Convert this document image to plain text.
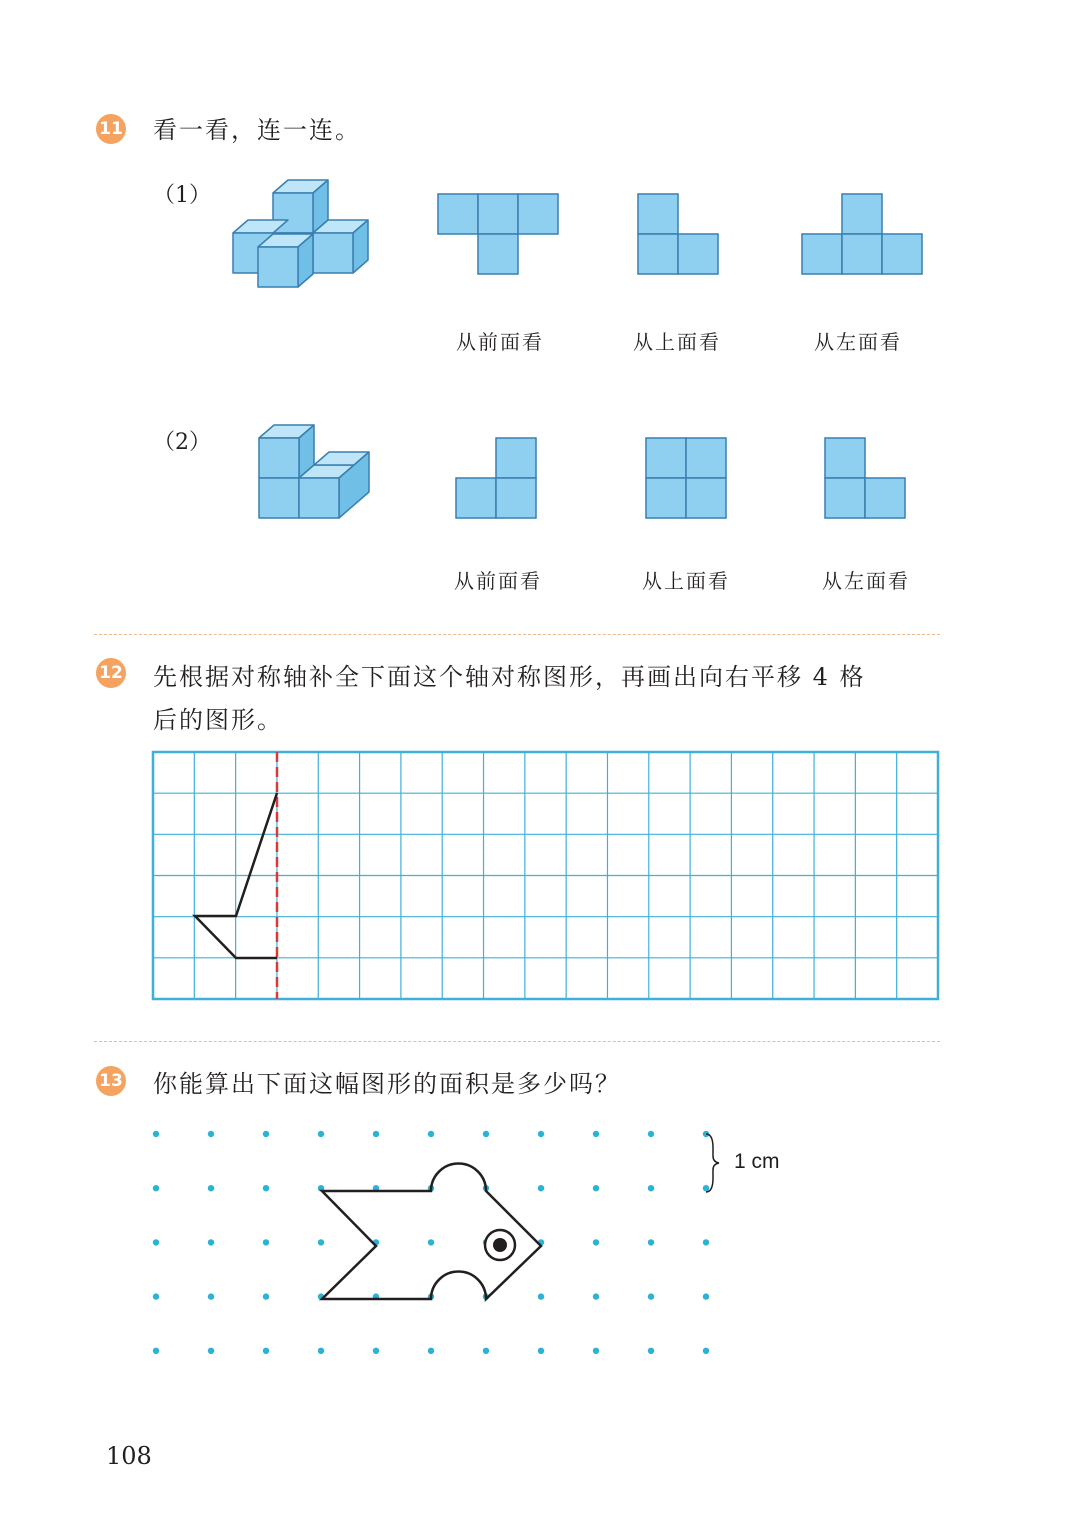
11 看一看，连一连。
（1）
（2）
从前面看	从上面看	从左面看
从前面看	从上面看	从左面看
12 先根据对称轴补全下面这个轴对称图形，再画出向右平移 4 格
后的图形。
13 你能算出下面这幅图形的面积是多少吗？
1 cm
108
